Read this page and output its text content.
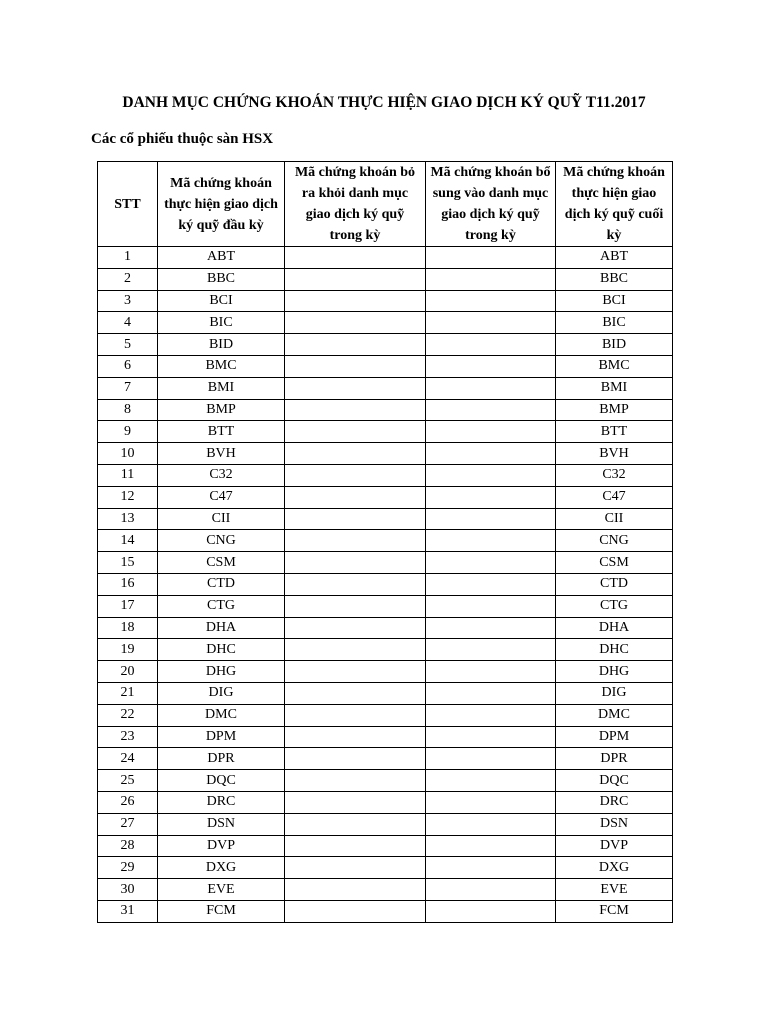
DANH MỤC CHỨNG KHOÁN THỰC HIỆN GIAO DỊCH KÝ QUỸ T11.2017
Các cổ phiếu thuộc sàn HSX
STT	Mã chứng khoán thực hiện giao dịch ký quỹ đầu kỳ	Mã chứng khoán bỏ ra khỏi danh mục giao dịch ký quỹ trong kỳ	Mã chứng khoán bổ sung vào danh mục giao dịch ký quỹ trong kỳ	Mã chứng khoán thực hiện giao dịch ký quỹ cuối kỳ
1	ABT			ABT
2	BBC			BBC
3	BCI			BCI
4	BIC			BIC
5	BID			BID
6	BMC			BMC
7	BMI			BMI
8	BMP			BMP
9	BTT			BTT
10	BVH			BVH
11	C32			C32
12	C47			C47
13	CII			CII
14	CNG			CNG
15	CSM			CSM
16	CTD			CTD
17	CTG			CTG
18	DHA			DHA
19	DHC			DHC
20	DHG			DHG
21	DIG			DIG
22	DMC			DMC
23	DPM			DPM
24	DPR			DPR
25	DQC			DQC
26	DRC			DRC
27	DSN			DSN
28	DVP			DVP
29	DXG			DXG
30	EVE			EVE
31	FCM			FCM
